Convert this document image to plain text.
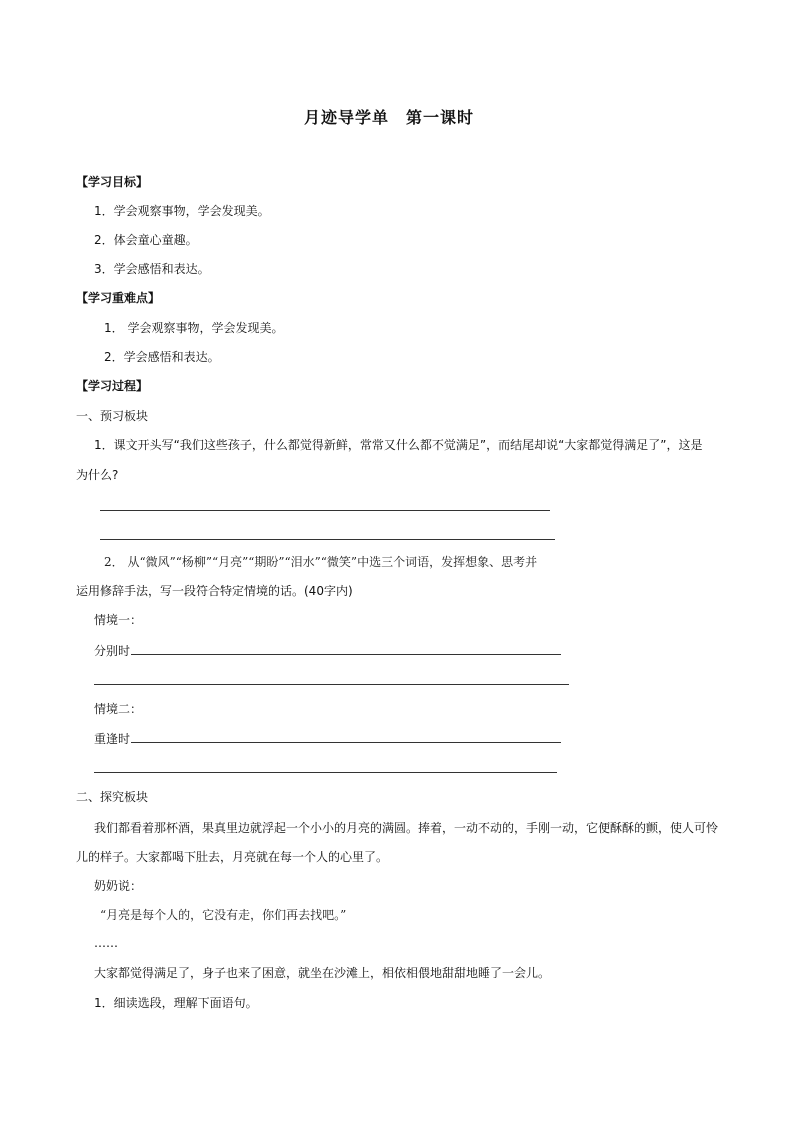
月迹导学单　第一课时
【学习目标】
1．学会观察事物，学会发现美。
2．体会童心童趣。
3．学会感悟和表达。
【学习重难点】
1． 学会观察事物，学会发现美。
2．学会感悟和表达。
【学习过程】
一、预习板块
1．课文开头写“我们这些孩子，什么都觉得新鲜，常常又什么都不觉满足”，而结尾却说“大家都觉得满足了”，这是
为什么?
2． 从“微风”“杨柳”“月亮”“期盼”“泪水”“微笑”中选三个词语，发挥想象、思考并
运用修辞手法，写一段符合特定情境的话。(40字内)
情境一：
分别时
情境二：
重逢时
二、探究板块
我们都看着那杯酒，果真里边就浮起一个小小的月亮的满圆。捧着，一动不动的，手刚一动，它便酥酥的颤，使人可怜
儿的样子。大家都喝下肚去，月亮就在每一个人的心里了。
奶奶说：
“月亮是每个人的，它没有走，你们再去找吧。”
……
大家都觉得满足了，身子也来了困意，就坐在沙滩上，相依相偎地甜甜地睡了一会儿。
1．细读选段，理解下面语句。
